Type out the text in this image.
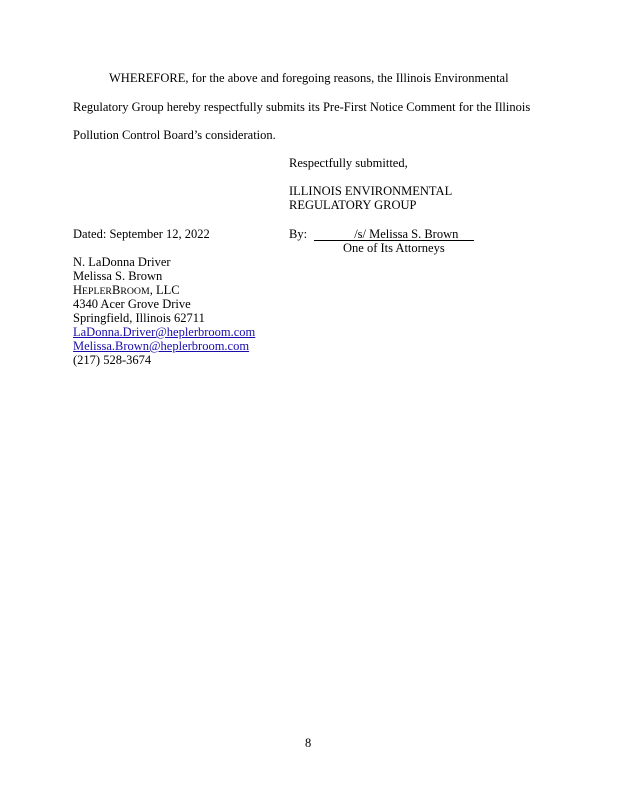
WHEREFORE, for the above and foregoing reasons, the Illinois Environmental
Regulatory Group hereby respectfully submits its Pre-First Notice Comment for the Illinois
Pollution Control Board’s consideration.
Respectfully submitted,
ILLINOIS ENVIRONMENTAL
REGULATORY GROUP
Dated: September 12, 2022	By:	/s/ Melissa S. Brown
One of Its Attorneys
N. LaDonna Driver
Melissa S. Brown
HEPLERBROOM, LLC
4340 Acer Grove Drive
Springfield, Illinois 62711
LaDonna.Driver@heplerbroom.com
Melissa.Brown@heplerbroom.com
(217) 528-3674
8
